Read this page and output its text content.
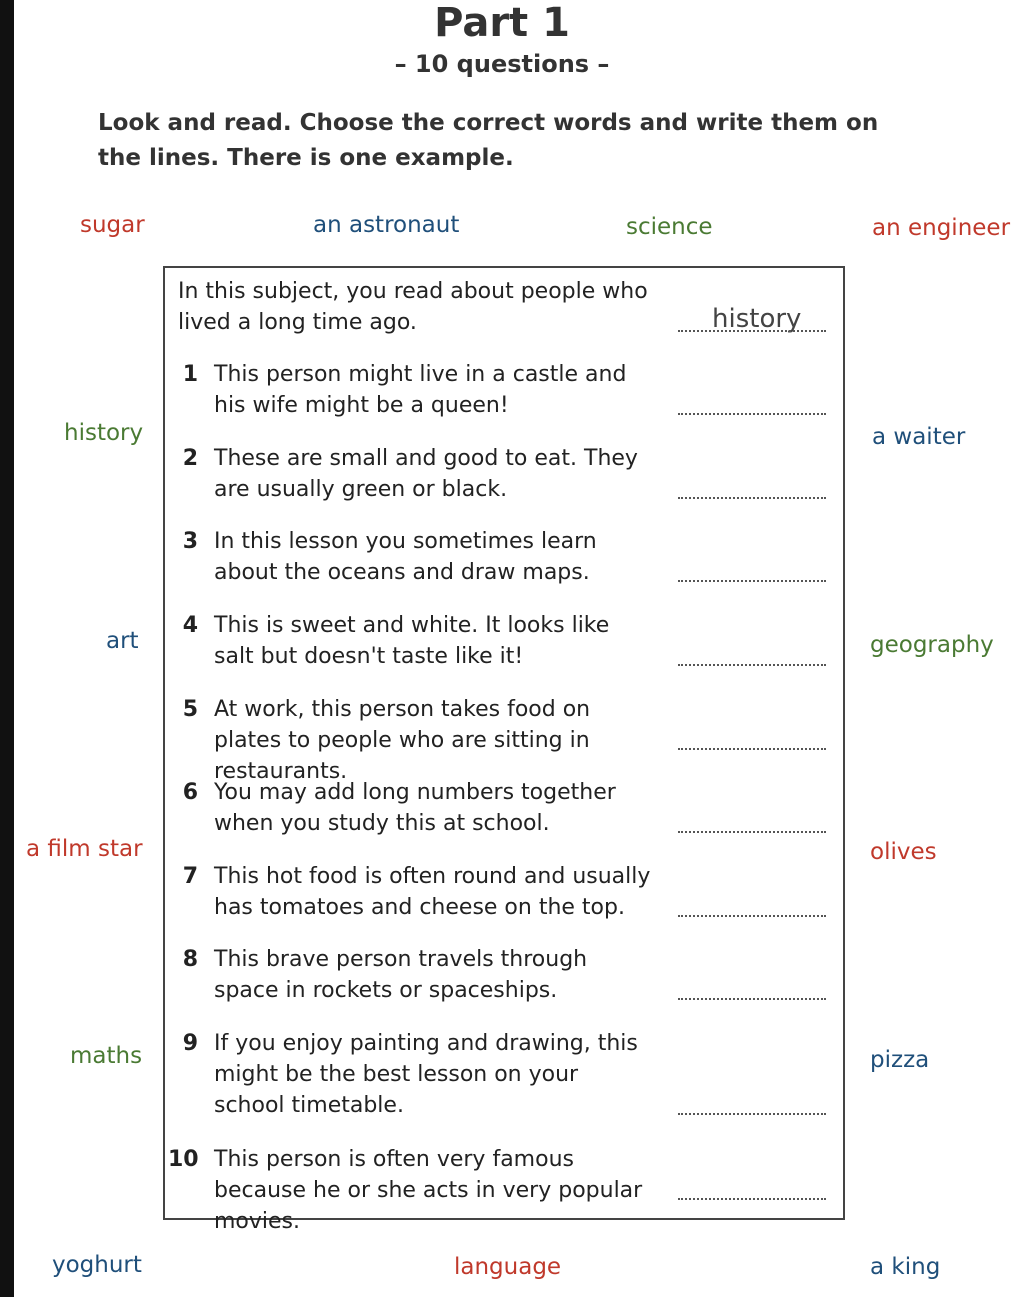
Part 1
– 10 questions –

Look and read. Choose the correct words and write them on the lines. There is one example.

sugar	an astronaut	science	an engineer
history	a waiter
art	geography
a film star	olives
maths	pizza
yoghurt	language	a king
In this subject, you read about people who lived a long time ago.	history
1 This person might live in a castle and his wife might be a queen!
2 These are small and good to eat. They are usually green or black.
3 In this lesson you sometimes learn about the oceans and draw maps.
4 This is sweet and white. It looks like salt but doesn't taste like it!
5 At work, this person takes food on plates to people who are sitting in restaurants.
6 You may add long numbers together when you study this at school.
7 This hot food is often round and usually has tomatoes and cheese on the top.
8 This brave person travels through space in rockets or spaceships.
9 If you enjoy painting and drawing, this might be the best lesson on your school timetable.
10 This person is often very famous because he or she acts in very popular movies.
